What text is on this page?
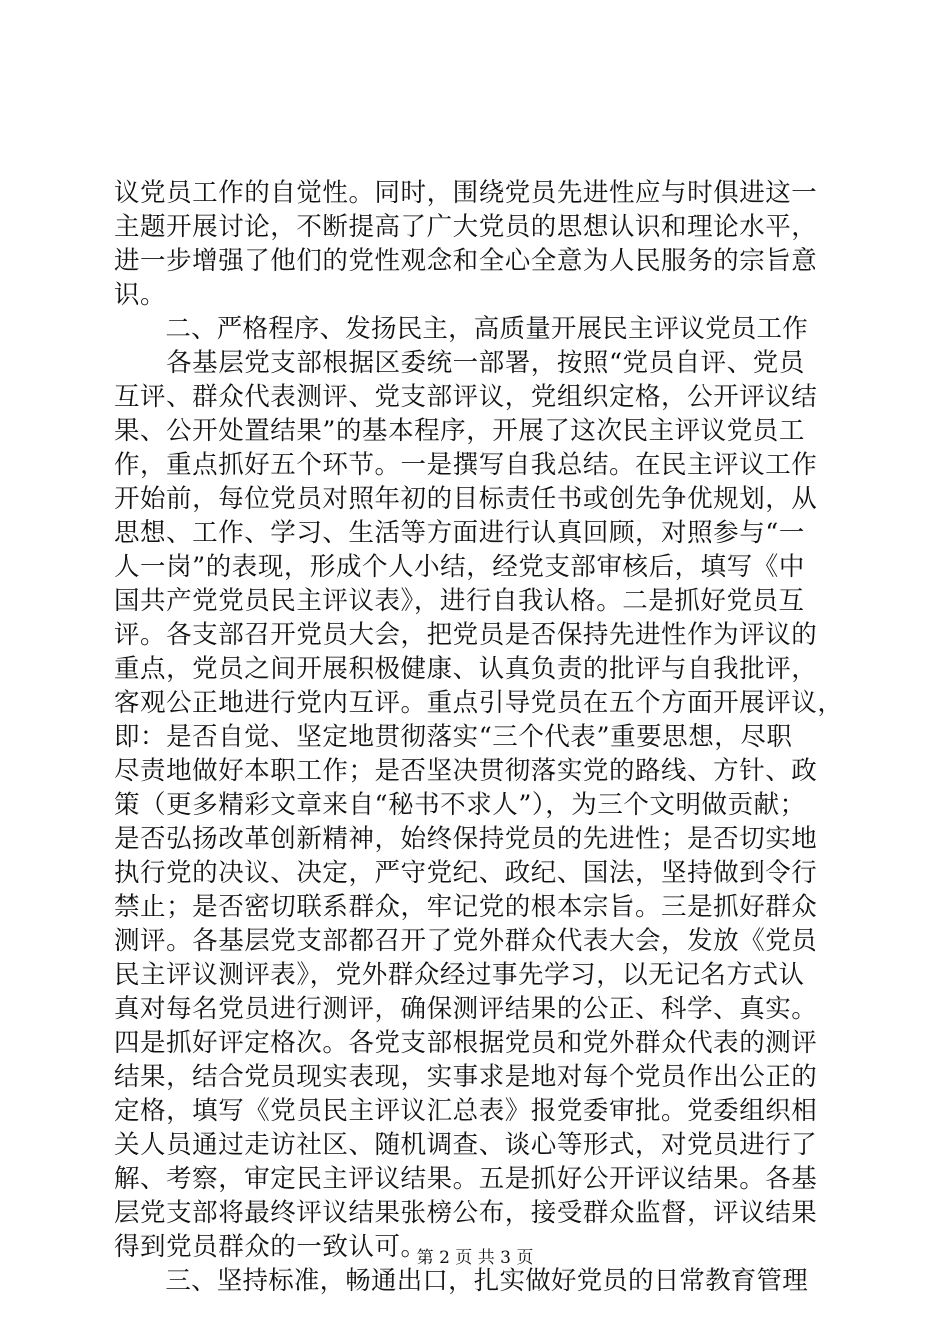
议党员工作的自觉性。同时，围绕党员先进性应与时俱进这一
主题开展讨论，不断提高了广大党员的思想认识和理论水平，
进一步增强了他们的党性观念和全心全意为人民服务的宗旨意
识。
　　二、严格程序、发扬民主，高质量开展民主评议党员工作
　　各基层党支部根据区委统一部署，按照“党员自评、党员
互评、群众代表测评、党支部评议，党组织定格，公开评议结
果、公开处置结果”的基本程序，开展了这次民主评议党员工
作，重点抓好五个环节。一是撰写自我总结。在民主评议工作
开始前，每位党员对照年初的目标责任书或创先争优规划，从
思想、工作、学习、生活等方面进行认真回顾，对照参与“一
人一岗”的表现，形成个人小结，经党支部审核后，填写《中
国共产党党员民主评议表》，进行自我认格。二是抓好党员互
评。各支部召开党员大会，把党员是否保持先进性作为评议的
重点，党员之间开展积极健康、认真负责的批评与自我批评，
客观公正地进行党内互评。重点引导党员在五个方面开展评议，
即：是否自觉、坚定地贯彻落实“三个代表”重要思想，尽职
尽责地做好本职工作；是否坚决贯彻落实党的路线、方针、政
策（更多精彩文章来自“秘书不求人”），为三个文明做贡献；
是否弘扬改革创新精神，始终保持党员的先进性；是否切实地
执行党的决议、决定，严守党纪、政纪、国法，坚持做到令行
禁止；是否密切联系群众，牢记党的根本宗旨。三是抓好群众
测评。各基层党支部都召开了党外群众代表大会，发放《党员
民主评议测评表》，党外群众经过事先学习，以无记名方式认
真对每名党员进行测评，确保测评结果的公正、科学、真实。
四是抓好评定格次。各党支部根据党员和党外群众代表的测评
结果，结合党员现实表现，实事求是地对每个党员作出公正的
定格，填写《党员民主评议汇总表》报党委审批。党委组织相
关人员通过走访社区、随机调查、谈心等形式，对党员进行了
解、考察，审定民主评议结果。五是抓好公开评议结果。各基
层党支部将最终评议结果张榜公布，接受群众监督，评议结果
得到党员群众的一致认可。
　　三、坚持标准，畅通出口，扎实做好党员的日常教育管理
第 2 页 共 3 页
